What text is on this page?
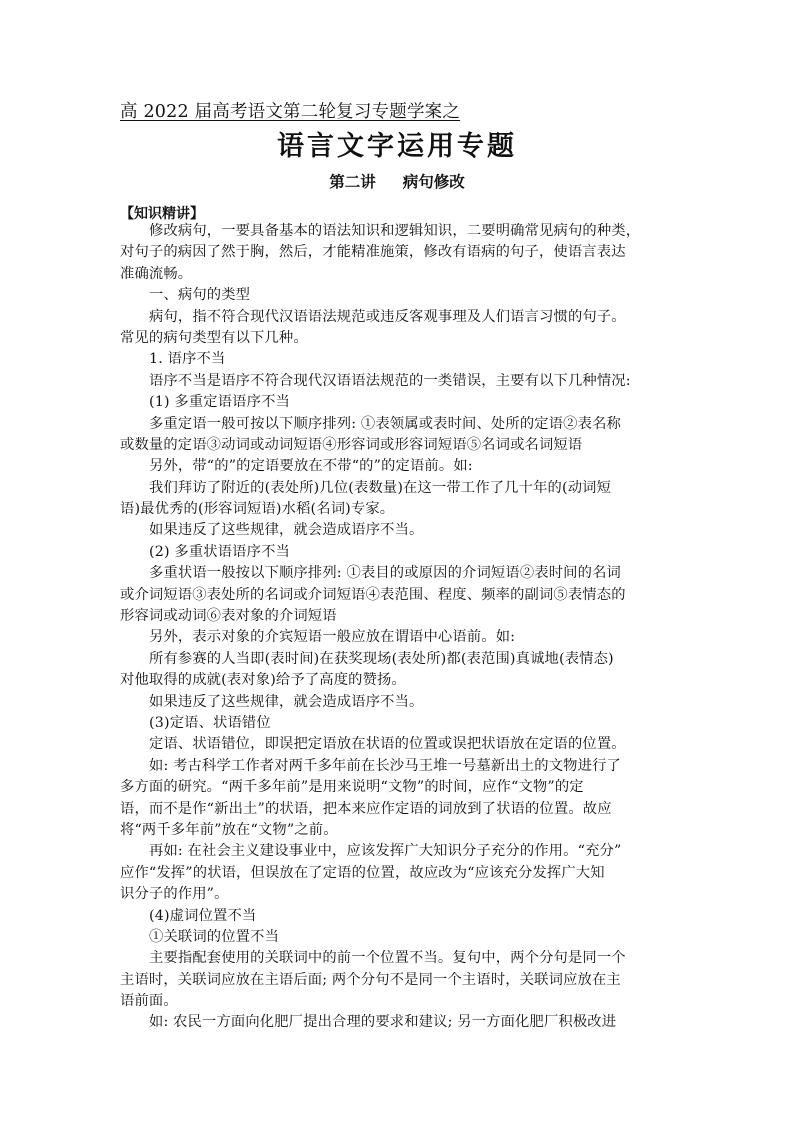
高 2022 届高考语文第二轮复习专题学案之
语言文字运用专题
第二讲     病句修改
【知识精讲】
修改病句，一要具备基本的语法知识和逻辑知识，二要明确常见病句的种类，
对句子的病因了然于胸，然后，才能精准施策，修改有语病的句子，使语言表达
准确流畅。
一、病句的类型
病句，指不符合现代汉语语法规范或违反客观事理及人们语言习惯的句子。
常见的病句类型有以下几种。
1. 语序不当
语序不当是语序不符合现代汉语语法规范的一类错误，主要有以下几种情况:
(1) 多重定语语序不当
多重定语一般可按以下顺序排列: ①表领属或表时间、处所的定语②表名称
或数量的定语③动词或动词短语④形容词或形容词短语⑤名词或名词短语
另外，带“的”的定语要放在不带“的”的定语前。如:
我们拜访了附近的(表处所)几位(表数量)在这一带工作了几十年的(动词短
语)最优秀的(形容词短语)水稻(名词)专家。
如果违反了这些规律，就会造成语序不当。
(2) 多重状语语序不当
多重状语一般按以下顺序排列: ①表目的或原因的介词短语②表时间的名词
或介词短语③表处所的名词或介词短语④表范围、程度、频率的副词⑤表情态的
形容词或动词⑥表对象的介词短语
另外，表示对象的介宾短语一般应放在谓语中心语前。如:
所有参赛的人当即(表时间)在获奖现场(表处所)都(表范围)真诚地(表情态)
对他取得的成就(表对象)给予了高度的赞扬。
如果违反了这些规律，就会造成语序不当。
(3)定语、状语错位
定语、状语错位，即误把定语放在状语的位置或误把状语放在定语的位置。
如: 考古科学工作者对两千多年前在长沙马王堆一号墓新出土的文物进行了
多方面的研究。“两千多年前”是用来说明“文物”的时间，应作“文物”的定
语，而不是作“新出土”的状语，把本来应作定语的词放到了状语的位置。故应
将“两千多年前”放在“文物”之前。
再如: 在社会主义建设事业中，应该发挥广大知识分子充分的作用。“充分”
应作“发挥”的状语，但误放在了定语的位置，故应改为“应该充分发挥广大知
识分子的作用”。
(4)虚词位置不当
①关联词的位置不当
主要指配套使用的关联词中的前一个位置不当。复句中，两个分句是同一个
主语时，关联词应放在主语后面; 两个分句不是同一个主语时，关联词应放在主
语前面。
如: 农民一方面向化肥厂提出合理的要求和建议; 另一方面化肥厂积极改进
